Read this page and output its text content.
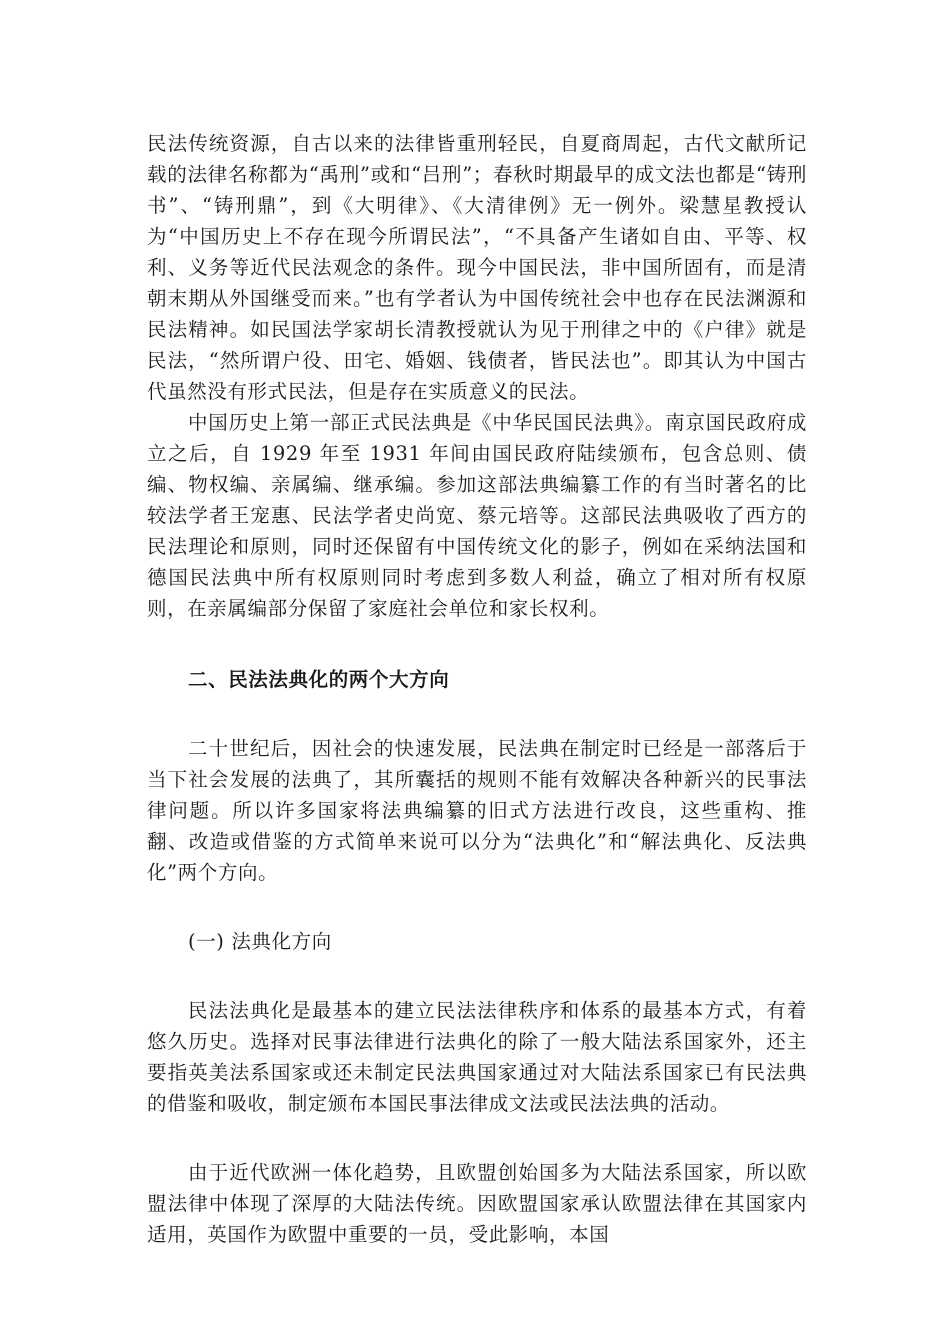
民法传统资源，自古以来的法律皆重刑轻民，自夏商周起，古代文献所记载的法律名称都为“禹刑”或和“吕刑”；春秋时期最早的成文法也都是“铸刑书”、“铸刑鼎”，到《大明律》、《大清律例》无一例外。梁慧星教授认为“中国历史上不存在现今所谓民法”，“不具备产生诸如自由、平等、权利、义务等近代民法观念的条件。现今中国民法，非中国所固有，而是清朝末期从外国继受而来。”也有学者认为中国传统社会中也存在民法渊源和民法精神。如民国法学家胡长清教授就认为见于刑律之中的《户律》就是民法，“然所谓户役、田宅、婚姻、钱债者，皆民法也”。即其认为中国古代虽然没有形式民法，但是存在实质意义的民法。

中国历史上第一部正式民法典是《中华民国民法典》。南京国民政府成立之后，自 1929 年至 1931 年间由国民政府陆续颁布，包含总则、债编、物权编、亲属编、继承编。参加这部法典编纂工作的有当时著名的比较法学者王宠惠、民法学者史尚宽、蔡元培等。这部民法典吸收了西方的民法理论和原则，同时还保留有中国传统文化的影子，例如在采纳法国和德国民法典中所有权原则同时考虑到多数人利益，确立了相对所有权原则，在亲属编部分保留了家庭社会单位和家长权利。

二、民法法典化的两个大方向

二十世纪后，因社会的快速发展，民法典在制定时已经是一部落后于当下社会发展的法典了，其所囊括的规则不能有效解决各种新兴的民事法律问题。所以许多国家将法典编纂的旧式方法进行改良，这些重构、推翻、改造或借鉴的方式简单来说可以分为“法典化”和“解法典化、反法典化”两个方向。

(一) 法典化方向

民法法典化是最基本的建立民法法律秩序和体系的最基本方式，有着悠久历史。选择对民事法律进行法典化的除了一般大陆法系国家外，还主要指英美法系国家或还未制定民法典国家通过对大陆法系国家已有民法典的借鉴和吸收，制定颁布本国民事法律成文法或民法法典的活动。

由于近代欧洲一体化趋势，且欧盟创始国多为大陆法系国家，所以欧盟法律中体现了深厚的大陆法传统。因欧盟国家承认欧盟法律在其国家内适用，英国作为欧盟中重要的一员，受此影响，本国
